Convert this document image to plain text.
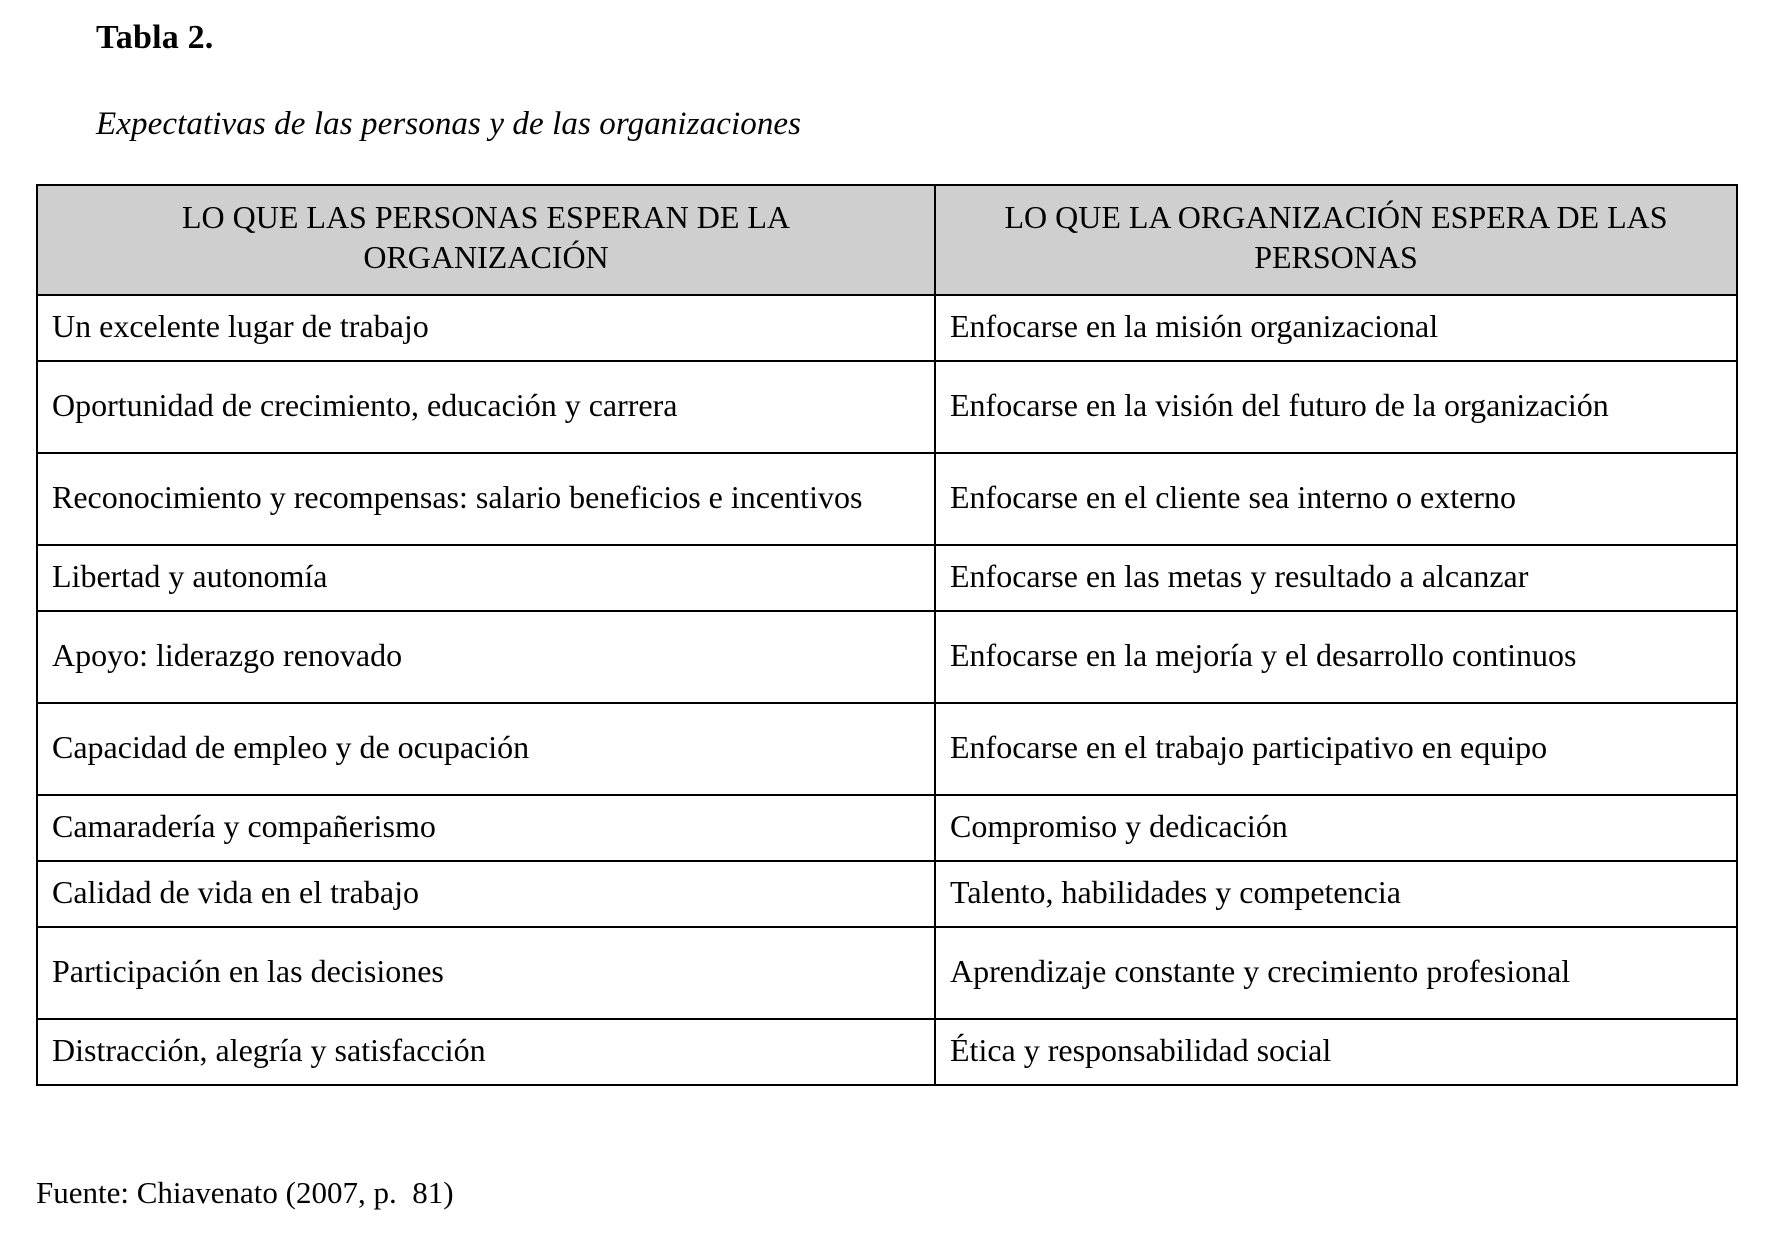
Tabla 2.
Expectativas de las personas y de las organizaciones
LO QUE LAS PERSONAS ESPERAN DE LA ORGANIZACIÓN	LO QUE LA ORGANIZACIÓN ESPERA DE LAS PERSONAS
Un excelente lugar de trabajo	Enfocarse en la misión organizacional
Oportunidad de crecimiento, educación y carrera	Enfocarse en la visión del futuro de la organización
Reconocimiento y recompensas: salario beneficios e incentivos	Enfocarse en el cliente sea interno o externo
Libertad y autonomía	Enfocarse en las metas y resultado a alcanzar
Apoyo: liderazgo renovado	Enfocarse en la mejoría y el desarrollo continuos
Capacidad de empleo y de ocupación	Enfocarse en el trabajo participativo en equipo
Camaradería y compañerismo	Compromiso y dedicación
Calidad de vida en el trabajo	Talento, habilidades y competencia
Participación en las decisiones	Aprendizaje constante y crecimiento profesional
Distracción, alegría y satisfacción	Ética y responsabilidad social
Fuente: Chiavenato (2007, p.  81)
